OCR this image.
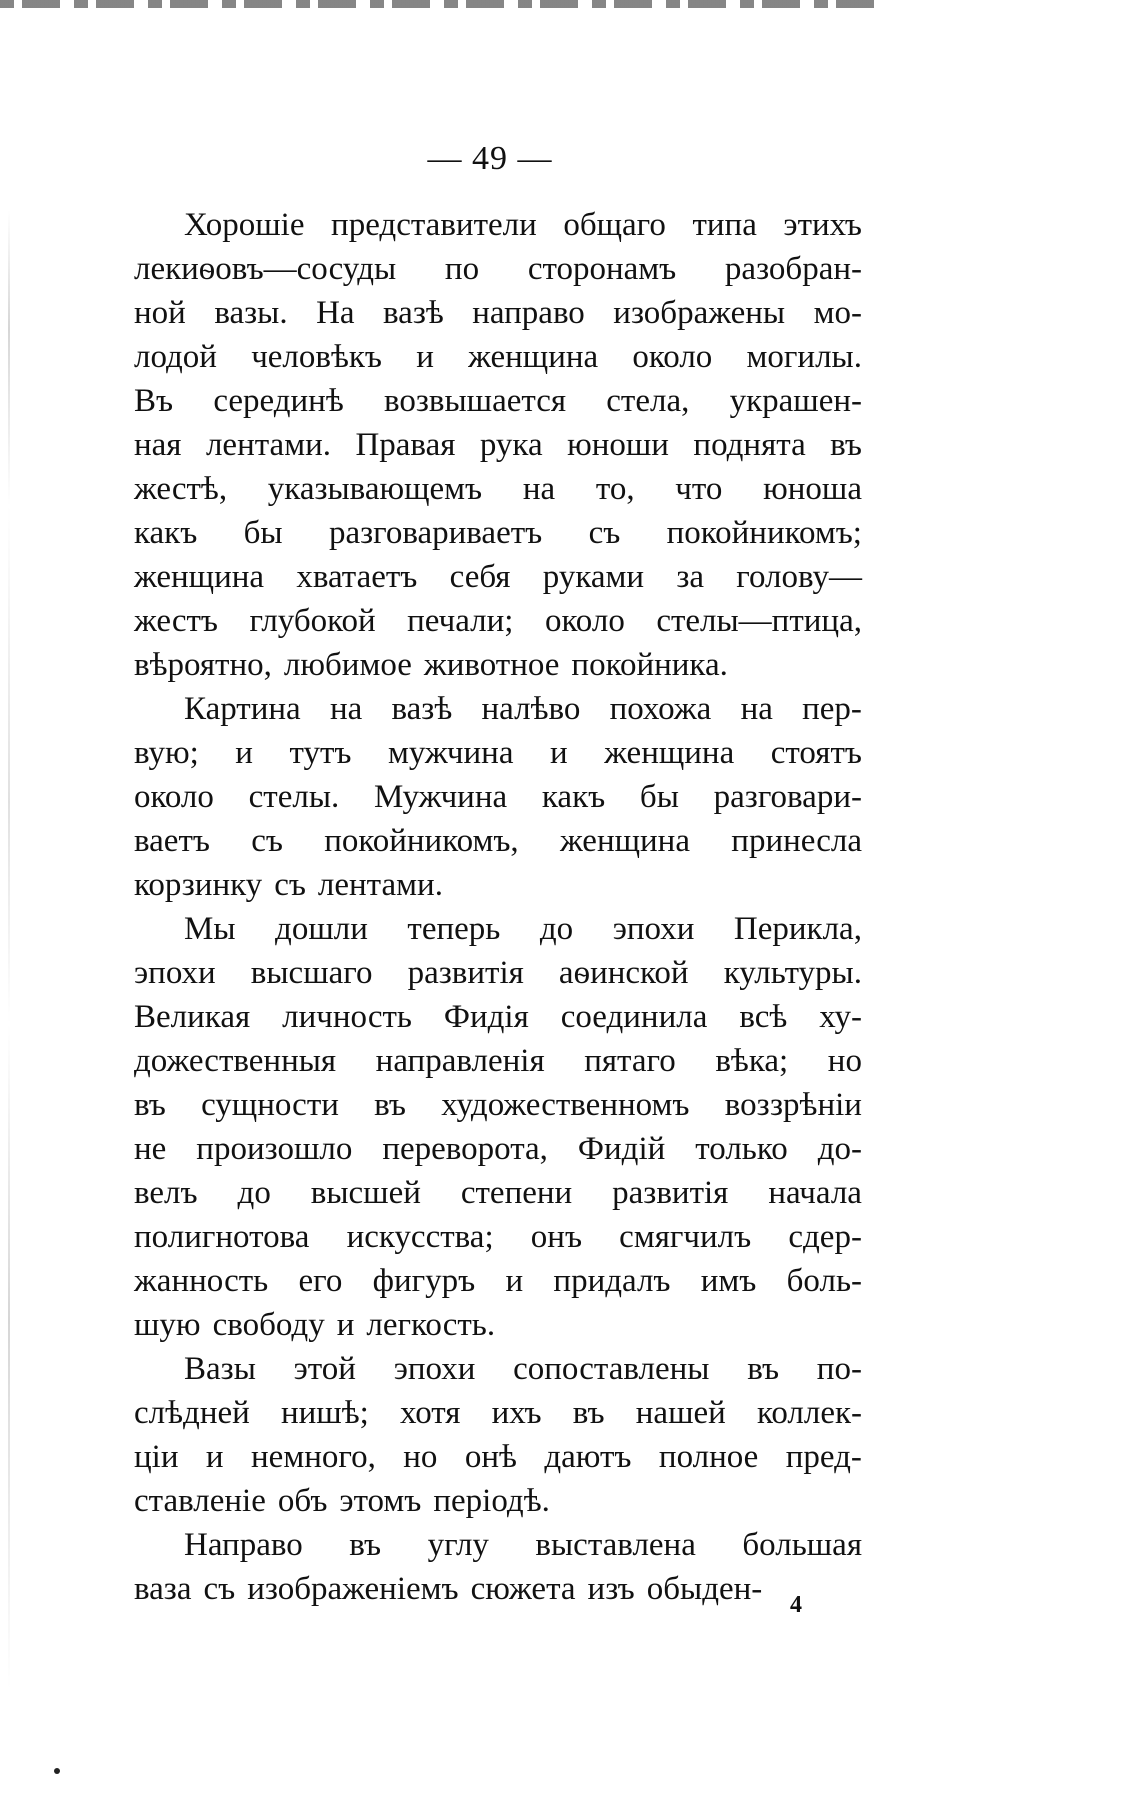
— 49 —
Хорошіе представители общаго типа этихъ
лекиѳовъ—сосуды по сторонамъ разобран-
ной вазы. На вазѣ направо изображены мо-
лодой человѣкъ и женщина около могилы.
Въ серединѣ возвышается стела, украшен-
ная лентами. Правая рука юноши поднята въ
жестѣ, указывающемъ на то, что юноша
какъ бы разговариваетъ съ покойникомъ;
женщина хватаетъ себя руками за голову—
жестъ глубокой печали; около стелы—птица,
вѣроятно, любимое животное покойника.
Картина на вазѣ налѣво похожа на пер-
вую; и тутъ мужчина и женщина стоятъ
около стелы. Мужчина какъ бы разговари-
ваетъ съ покойникомъ, женщина принесла
корзинку съ лентами.
Мы дошли теперь до эпохи Перикла,
эпохи высшаго развитія аѳинской культуры.
Великая личность Фидія соединила всѣ ху-
дожественныя направленія пятаго вѣка; но
въ сущности въ художественномъ воззрѣніи
не произошло переворота, Фидій только до-
велъ до высшей степени развитія начала
полигнотова искусства; онъ смягчилъ сдер-
жанность его фигуръ и придалъ имъ боль-
шую свободу и легкость.
Вазы этой эпохи сопоставлены въ по-
слѣдней нишѣ; хотя ихъ въ нашей коллек-
ціи и немного, но онѣ даютъ полное пред-
ставленіе объ этомъ періодѣ.
Направо въ углу выставлена большая
ваза съ изображеніемъ сюжета изъ обыден- 4
